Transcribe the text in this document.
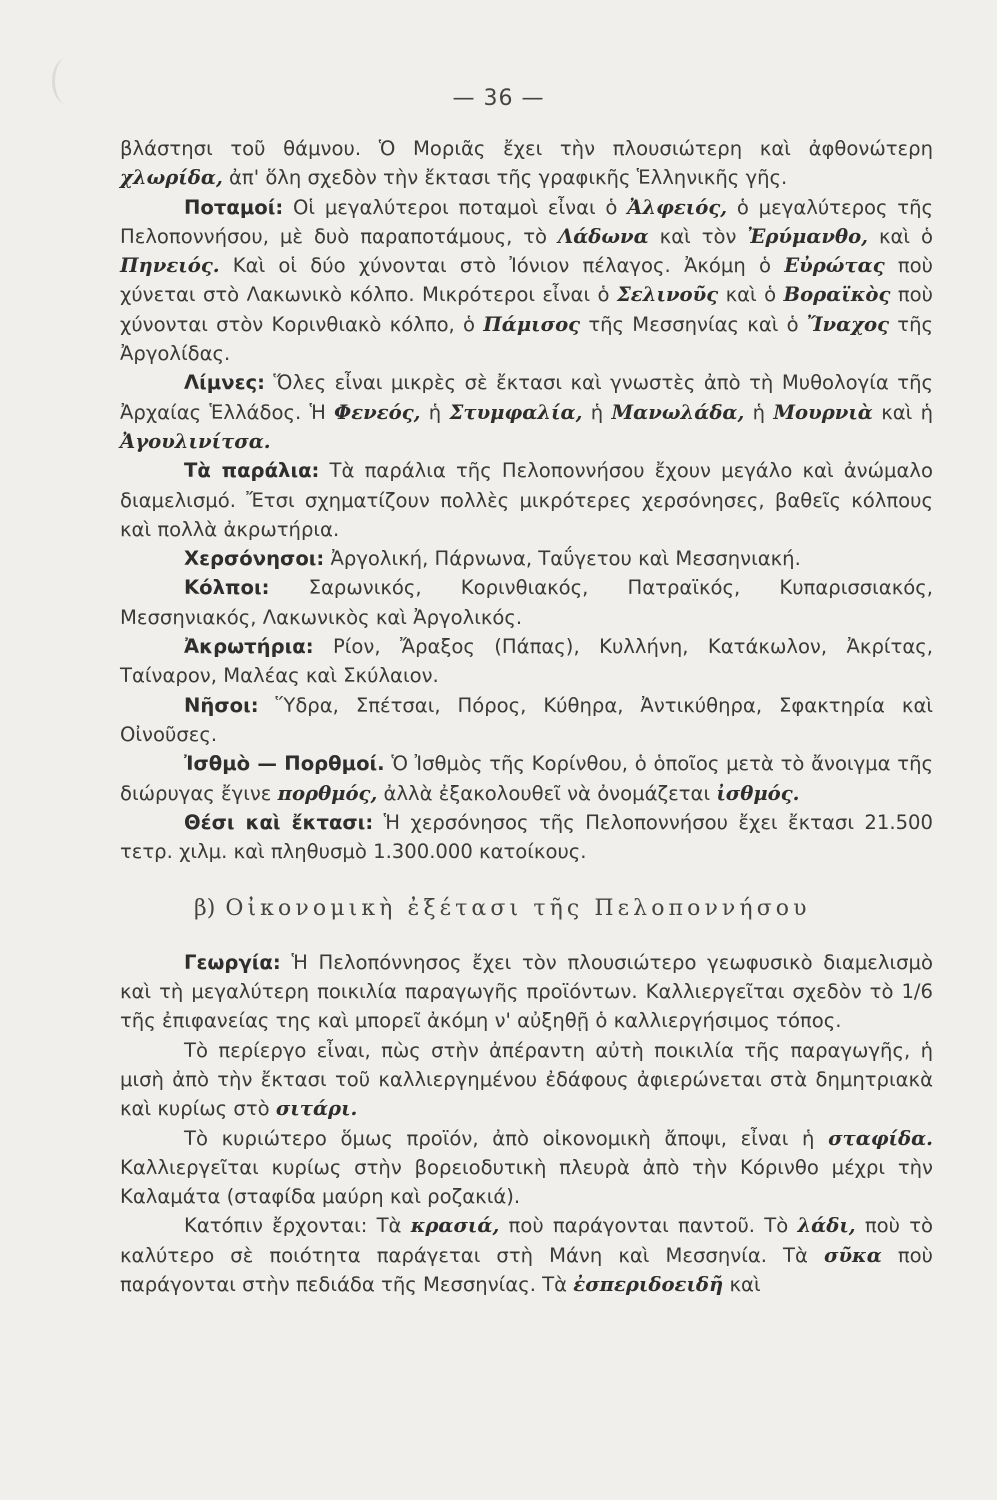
— 36 —

βλάστησι τοῦ θάμνου. Ὁ Μοριᾶς ἔχει τὴν πλουσιώτερη καὶ ἀφθονώτερη χλωρίδα, ἀπ' ὅλη σχεδὸν τὴν ἔκτασι τῆς γραφικῆς Ἑλληνικῆς γῆς.

Ποταμοί: Οἱ μεγαλύτεροι ποταμοὶ εἶναι ὁ Ἀλφειός, ὁ μεγαλύτερος τῆς Πελοποννήσου, μὲ δυὸ παραποτάμους, τὸ Λάδωνα καὶ τὸν Ἐρύμανθο, καὶ ὁ Πηνειός. Καὶ οἱ δύο χύνονται στὸ Ἰόνιον πέλαγος. Ἀκόμη ὁ Εὐρώτας ποὺ χύνεται στὸ Λακωνικὸ κόλπο. Μικρότεροι εἶναι ὁ Σελινοῦς καὶ ὁ Βοραϊκὸς ποὺ χύνονται στὸν Κορινθιακὸ κόλπο, ὁ Πάμισος τῆς Μεσσηνίας καὶ ὁ Ἴναχος τῆς Ἀργολίδας.

Λίμνες: Ὅλες εἶναι μικρὲς σὲ ἔκτασι καὶ γνωστὲς ἀπὸ τὴ Μυθολογία τῆς Ἀρχαίας Ἑλλάδος. Ἡ Φενεός, ἡ Στυμφαλία, ἡ Μανωλάδα, ἡ Μουρνιὰ καὶ ἡ Ἀγουλινίτσα.

Τὰ παράλια: Τὰ παράλια τῆς Πελοποννήσου ἔχουν μεγάλο καὶ ἀνώμαλο διαμελισμό. Ἔτσι σχηματίζουν πολλὲς μικρότερες χερσόνησες, βαθεῖς κόλπους καὶ πολλὰ ἀκρωτήρια.

Χερσόνησοι: Ἀργολική, Πάρνωνα, Ταΰγετου καὶ Μεσσηνιακή.

Κόλποι: Σαρωνικός, Κορινθιακός, Πατραϊκός, Κυπαρισσιακός, Μεσσηνιακός, Λακωνικὸς καὶ Ἀργολικός.

Ἀκρωτήρια: Ρίον, Ἄραξος (Πάπας), Κυλλήνη, Κατάκωλον, Ἀκρίτας, Ταίναρον, Μαλέας καὶ Σκύλαιον.

Νῆσοι: Ὕδρα, Σπέτσαι, Πόρος, Κύθηρα, Ἀντικύθηρα, Σφακτηρία καὶ Οἰνοῦσες.

Ἰσθμὸ — Πορθμοί. Ὁ Ἰσθμὸς τῆς Κορίνθου, ὁ ὁποῖος μετὰ τὸ ἄνοιγμα τῆς διώρυγας ἔγινε πορθμός, ἀλλὰ ἐξακολουθεῖ νὰ ὀνομάζεται ἰσθμός.

Θέσι καὶ ἔκτασι: Ἡ χερσόνησος τῆς Πελοποννήσου ἔχει ἔκτασι 21.500 τετρ. χιλμ. καὶ πληθυσμὸ 1.300.000 κατοίκους.

β) Οἰκονομικὴ ἐξέτασι τῆς Πελοποννήσου

Γεωργία: Ἡ Πελοπόννησος ἔχει τὸν πλουσιώτερο γεωφυσικὸ διαμελισμὸ καὶ τὴ μεγαλύτερη ποικιλία παραγωγῆς προϊόντων. Καλλιεργεῖται σχεδὸν τὸ 1/6 τῆς ἐπιφανείας της καὶ μπορεῖ ἀκόμη ν' αὐξηθῇ ὁ καλλιεργήσιμος τόπος.

Τὸ περίεργο εἶναι, πὼς στὴν ἀπέραντη αὐτὴ ποικιλία τῆς παραγωγῆς, ἡ μισὴ ἀπὸ τὴν ἔκτασι τοῦ καλλιεργημένου ἐδάφους ἀφιερώνεται στὰ δημητριακὰ καὶ κυρίως στὸ σιτάρι.

Τὸ κυριώτερο ὅμως προϊόν, ἀπὸ οἰκονομικὴ ἄποψι, εἶναι ἡ σταφίδα. Καλλιεργεῖται κυρίως στὴν βορειοδυτικὴ πλευρὰ ἀπὸ τὴν Κόρινθο μέχρι τὴν Καλαμάτα (σταφίδα μαύρη καὶ ροζακιά).

Κατόπιν ἔρχονται: Τὰ κρασιά, ποὺ παράγονται παντοῦ. Τὸ λάδι, ποὺ τὸ καλύτερο σὲ ποιότητα παράγεται στὴ Μάνη καὶ Μεσσηνία. Τὰ σῦκα ποὺ παράγονται στὴν πεδιάδα τῆς Μεσσηνίας. Τὰ ἐσπεριδοειδῆ καὶ
